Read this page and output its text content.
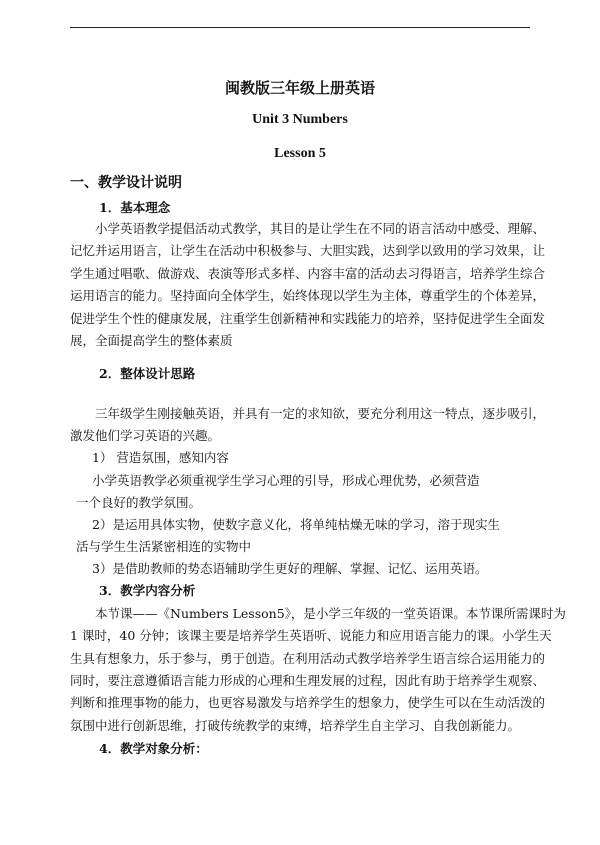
闽教版三年级上册英语
Unit 3 Numbers
Lesson 5
一、教学设计说明
1．基本理念
小学英语教学提倡活动式教学，其目的是让学生在不同的语言活动中感受、理解、
记忆并运用语言，让学生在活动中积极参与、大胆实践，达到学以致用的学习效果，让
学生通过唱歌、做游戏、表演等形式多样、内容丰富的活动去习得语言，培养学生综合
运用语言的能力。坚持面向全体学生，始终体现以学生为主体，尊重学生的个体差异，
促进学生个性的健康发展，注重学生创新精神和实践能力的培养，坚持促进学生全面发
展，全面提高学生的整体素质
2．整体设计思路
三年级学生刚接触英语，并具有一定的求知欲，要充分利用这一特点，逐步吸引，
激发他们学习英语的兴趣。
1） 营造氛围，感知内容
小学英语教学必须重视学生学习心理的引导，形成心理优势，必须营造
一个良好的教学氛围。
2）是运用具体实物，使数字意义化，将单纯枯燥无味的学习，溶于现实生
活与学生生活紧密相连的实物中
3）是借助教师的势态语辅助学生更好的理解、掌握、记忆、运用英语。
3．教学内容分析
本节课——《Numbers Lesson5》，是小学三年级的一堂英语课。本节课所需课时为
1 课时，40 分钟；该课主要是培养学生英语听、说能力和应用语言能力的课。小学生天
生具有想象力，乐于参与，勇于创造。在利用活动式教学培养学生语言综合运用能力的
同时，要注意遵循语言能力形成的心理和生理发展的过程，因此有助于培养学生观察、
判断和推理事物的能力，也更容易激发与培养学生的想象力，使学生可以在生动活泼的
氛围中进行创新思维，打破传统教学的束缚，培养学生自主学习、自我创新能力。
4．教学对象分析：
